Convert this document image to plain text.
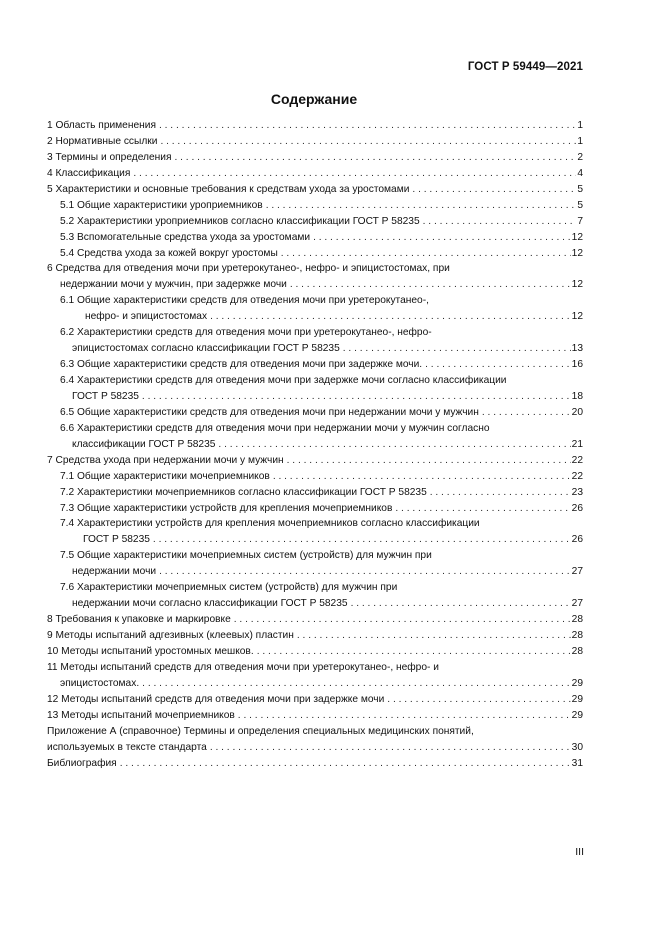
ГОСТ Р 59449—2021
Содержание
1 Область применения . . .	1
2 Нормативные ссылки . . .	1
3 Термины и определения . . .	2
4 Классификация . . .	4
5 Характеристики и основные требования к средствам ухода за уростомами . . .	5
5.1 Общие характеристики уроприемников . . .	5
5.2 Характеристики уроприемников согласно классификации ГОСТ Р 58235 . . .	7
5.3 Вспомогательные средства ухода за уростомами . . .	12
5.4 Средства ухода за кожей вокруг уростомы . . .	12
6 Средства для отведения мочи при уретерокутанео-, нефро- и эпицистостомах, при
недержании мочи у мужчин, при задержке мочи . . .	12
6.1 Общие характеристики средств для отведения мочи при уретерокутанео-,
нефро- и эпицистостомах . . .	12
6.2 Характеристики средств для отведения мочи при уретерокутанео-, нефро-
эпицистостомах согласно классификации ГОСТ Р 58235 . . .	13
6.3 Общие характеристики средств для отведения мочи при задержке мочи. . . .	16
6.4 Характеристики средств для отведения мочи при задержке мочи согласно классификации
ГОСТ Р 58235 . . .	18
6.5 Общие характеристики средств для отведения мочи при недержании мочи у мужчин . . .	20
6.6 Характеристики средств для отведения мочи при недержании мочи у мужчин согласно
классификации ГОСТ Р 58235 . . .	21
7 Средства ухода при недержании мочи у мужчин . . .	22
7.1 Общие характеристики мочеприемников . . .	22
7.2 Характеристики мочеприемников согласно классификации ГОСТ Р 58235 . . .	23
7.3 Общие характеристики устройств для крепления мочеприемников . . .	26
7.4 Характеристики устройств для крепления мочеприемников согласно классификации
ГОСТ Р 58235 . . .	26
7.5 Общие характеристики мочеприемных систем (устройств) для мужчин при
недержании мочи . . .	27
7.6 Характеристики мочеприемных систем (устройств) для мужчин при
недержании мочи согласно классификации ГОСТ Р 58235 . . .	27
8 Требования к упаковке и маркировке . . .	28
9 Методы испытаний адгезивных (клеевых) пластин . . .	28
10 Методы испытаний уростомных мешков. . . .	28
11 Методы испытаний средств для отведения мочи при уретерокутанео-, нефро- и
эпицистостомах. . . .	29
12 Методы испытаний средств для отведения мочи при задержке мочи . . .	29
13 Методы испытаний мочеприемников . . .	29
Приложение А (справочное) Термины и определения специальных медицинских понятий,
используемых в тексте стандарта . . .	30
Библиография . . .	31
III
